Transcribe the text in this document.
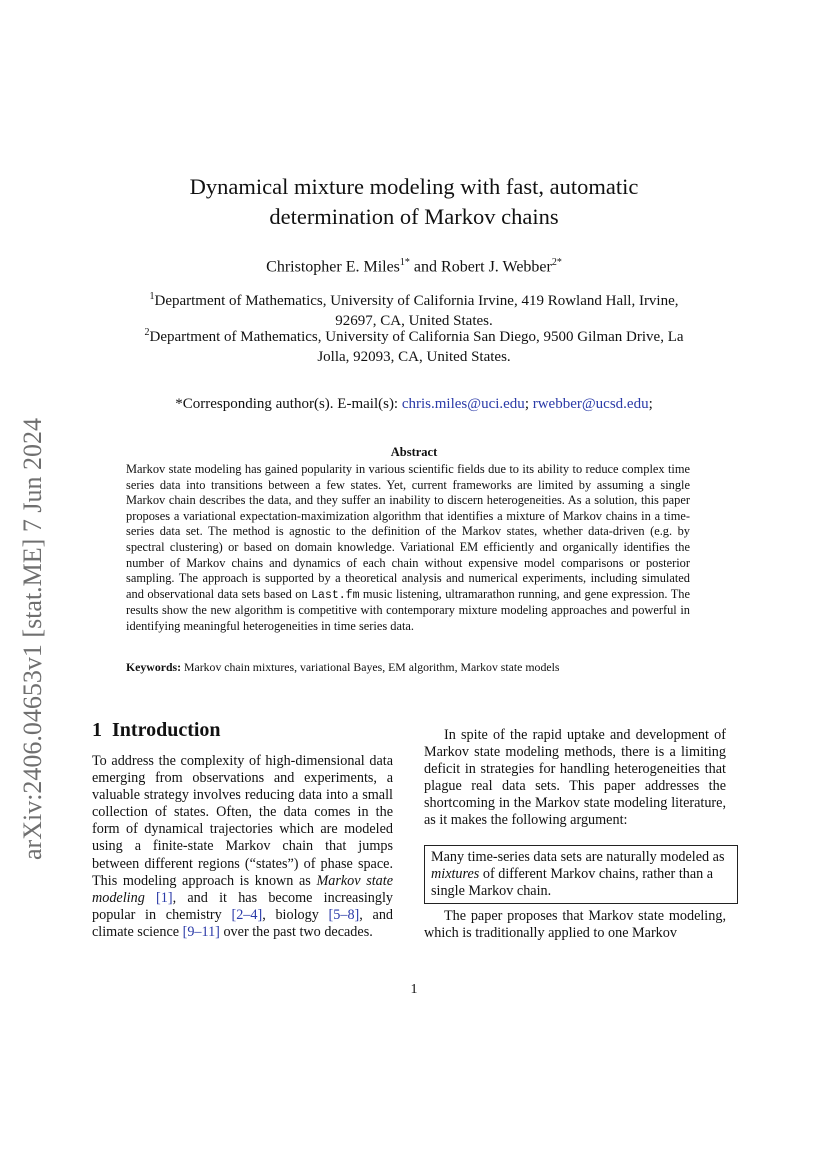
arXiv:2406.04653v1 [stat.ME] 7 Jun 2024
Dynamical mixture modeling with fast, automatic
determination of Markov chains
Christopher E. Miles$^{1*}$ and Robert J. Webber$^{2*}$
$^1$Department of Mathematics, University of California Irvine, 419 Rowland Hall, Irvine,
92697, CA, United States.
$^2$Department of Mathematics, University of California San Diego, 9500 Gilman Drive, La
Jolla, 92093, CA, United States.
*Corresponding author(s). E-mail(s): chris.miles@uci.edu; rwebber@ucsd.edu;
Abstract
Markov state modeling has gained popularity in various scientific fields due to its ability to reduce complex time series data into transitions between a few states. Yet, current frameworks are limited by assuming a single Markov chain describes the data, and they suffer an inability to discern heterogeneities. As a solution, this paper proposes a variational expectation-maximization algorithm that identifies a mixture of Markov chains in a time-series data set. The method is agnostic to the definition of the Markov states, whether data-driven (e.g. by spectral clustering) or based on domain knowledge. Variational EM efficiently and organically identifies the number of Markov chains and dynamics of each chain without expensive model comparisons or posterior sampling. The approach is supported by a theoretical analysis and numerical experiments, including simulated and observational data sets based on Last.fm music listening, ultramarathon running, and gene expression. The results show the new algorithm is competitive with contemporary mixture modeling approaches and powerful in identifying meaningful heterogeneities in time series data.
Keywords: Markov chain mixtures, variational Bayes, EM algorithm, Markov state models
1 Introduction
To address the complexity of high-dimensional data emerging from observations and experiments, a valuable strategy involves reducing data into a small collection of states. Often, the data comes in the form of dynamical trajectories which are modeled using a finite-state Markov chain that jumps between different regions (“states”) of phase space. This modeling approach is known as Markov state modeling [1], and it has become increasingly popular in chemistry [2–4], biology [5–8], and climate science [9–11] over the past two decades.
In spite of the rapid uptake and development of Markov state modeling methods, there is a limiting deficit in strategies for handling heterogeneities that plague real data sets. This paper addresses the shortcoming in the Markov state modeling literature, as it makes the following argument:
Many time-series data sets are naturally modeled as mixtures of different Markov chains, rather than a single Markov chain.
The paper proposes that Markov state modeling, which is traditionally applied to one Markov
1
